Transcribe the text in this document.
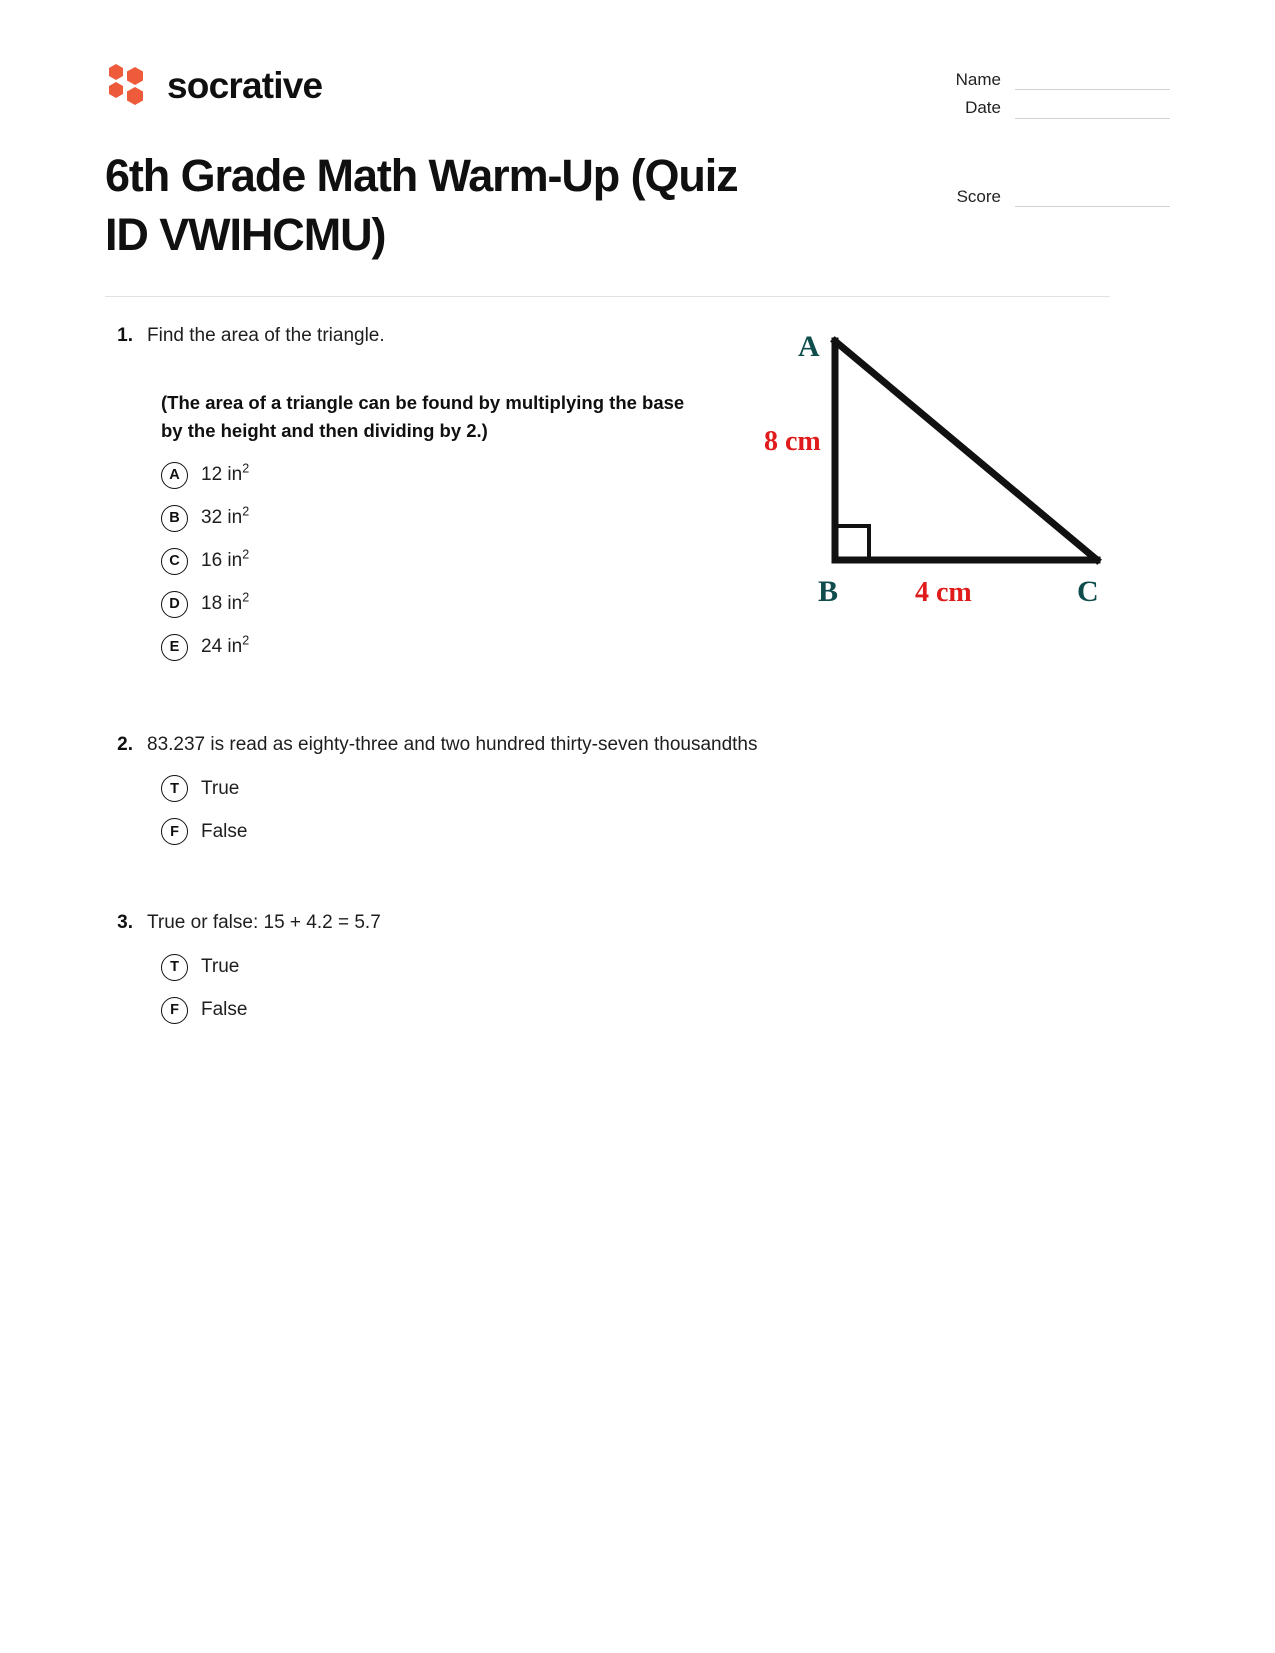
socrative	Name
Date
Score
6th Grade Math Warm-Up (Quiz ID VWIHCMU)
1. Find the area of the triangle.
(The area of a triangle can be found by multiplying the base by the height and then dividing by 2.)
A	12 $in^2$
B	32 $in^2$
C	16 $in^2$
D	18 $in^2$
E	24 $in^2$
2. 83.237 is read as eighty-three and two hundred thirty-seven thousandths
T	True
F	False
3. True or false: 15 + 4.2 = 5.7
T	True
F	False
A
B	C
8 cm
4 cm
